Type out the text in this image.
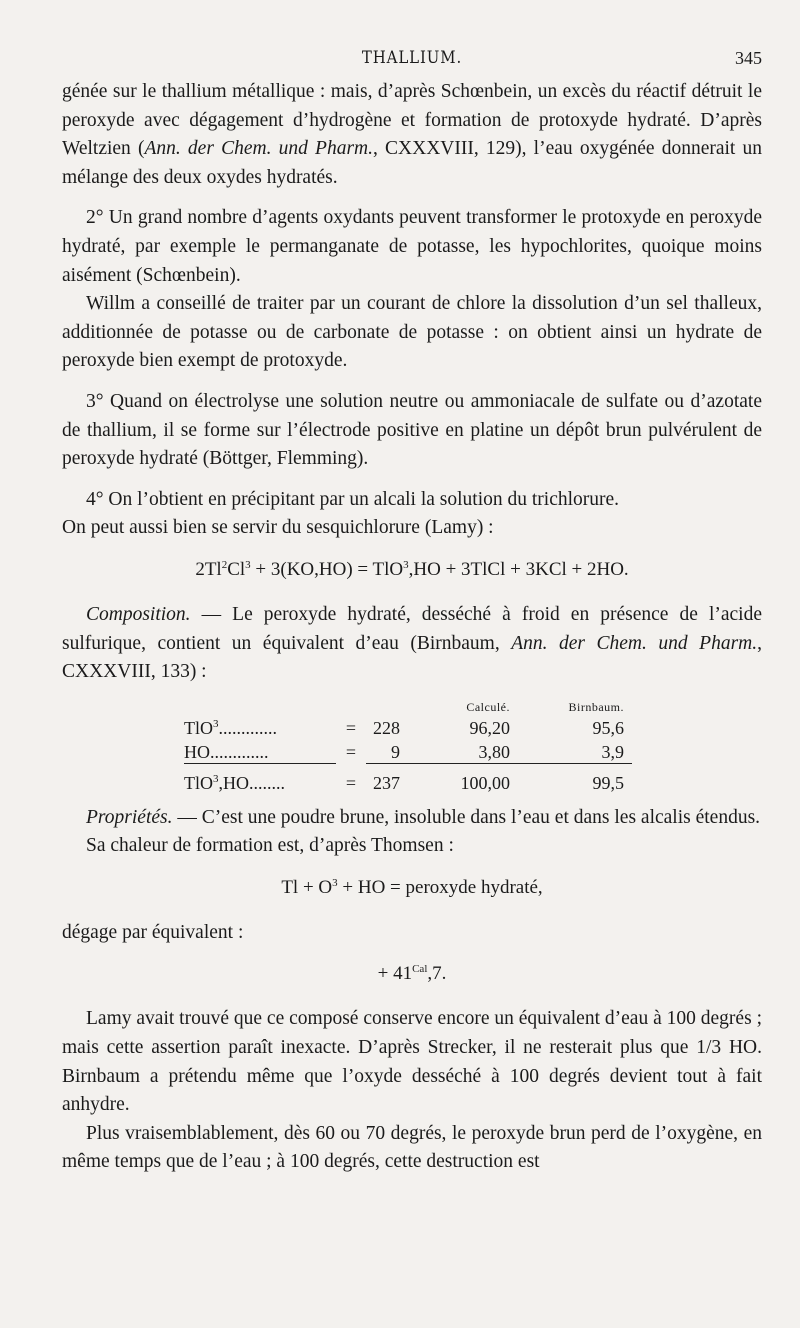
THALLIUM.	345

génée sur le thallium métallique : mais, d’après Schœnbein, un excès du réactif détruit le peroxyde avec dégagement d’hydrogène et formation de protoxyde hydraté. D’après Weltzien (Ann. der Chem. und Pharm., CXXXVIII, 129), l’eau oxygénée donnerait un mélange des deux oxydes hydratés.

2° Un grand nombre d’agents oxydants peuvent transformer le protoxyde en peroxyde hydraté, par exemple le permanganate de potasse, les hypochlorites, quoique moins aisément (Schœnbein).

Willm a conseillé de traiter par un courant de chlore la dissolution d’un sel thalleux, additionnée de potasse ou de carbonate de potasse : on obtient ainsi un hydrate de peroxyde bien exempt de protoxyde.

3° Quand on électrolyse une solution neutre ou ammoniacale de sulfate ou d’azotate de thallium, il se forme sur l’électrode positive en platine un dépôt brun pulvérulent de peroxyde hydraté (Böttger, Flemming).

4° On l’obtient en précipitant par un alcali la solution du trichlorure.

On peut aussi bien se servir du sesquichlorure (Lamy) :

$2Tl^2Cl^3 + 3(KO,HO) = TlO^3,HO$ + 3TlCl + 3KCl + 2HO.

Composition. — Le peroxyde hydraté, desséché à froid en présence de l’acide sulfurique, contient un équivalent d’eau (Birnbaum, Ann. der Chem. und Pharm., CXXXVIII, 133) :

			Calculé.	Birnbaum.
TlO$^3$.............	=	228	96,20	95,6
HO.............	=	9	3,80	3,9
TlO$^3$,HO........	=	237	100,00	99,5

Propriétés. — C’est une poudre brune, insoluble dans l’eau et dans les alcalis étendus.

Sa chaleur de formation est, d’après Thomsen :

$Tl + O^3$ + HO = peroxyde hydraté,

dégage par équivalent :

+ $41^{Cal},7$.

Lamy avait trouvé que ce composé conserve encore un équivalent d’eau à 100 degrés ; mais cette assertion paraît inexacte. D’après Strecker, il ne resterait plus que 1/3 HO. Birnbaum a prétendu même que l’oxyde desséché à 100 degrés devient tout à fait anhydre.

Plus vraisemblablement, dès 60 ou 70 degrés, le peroxyde brun perd de l’oxygène, en même temps que de l’eau ; à 100 degrés, cette destruction est
